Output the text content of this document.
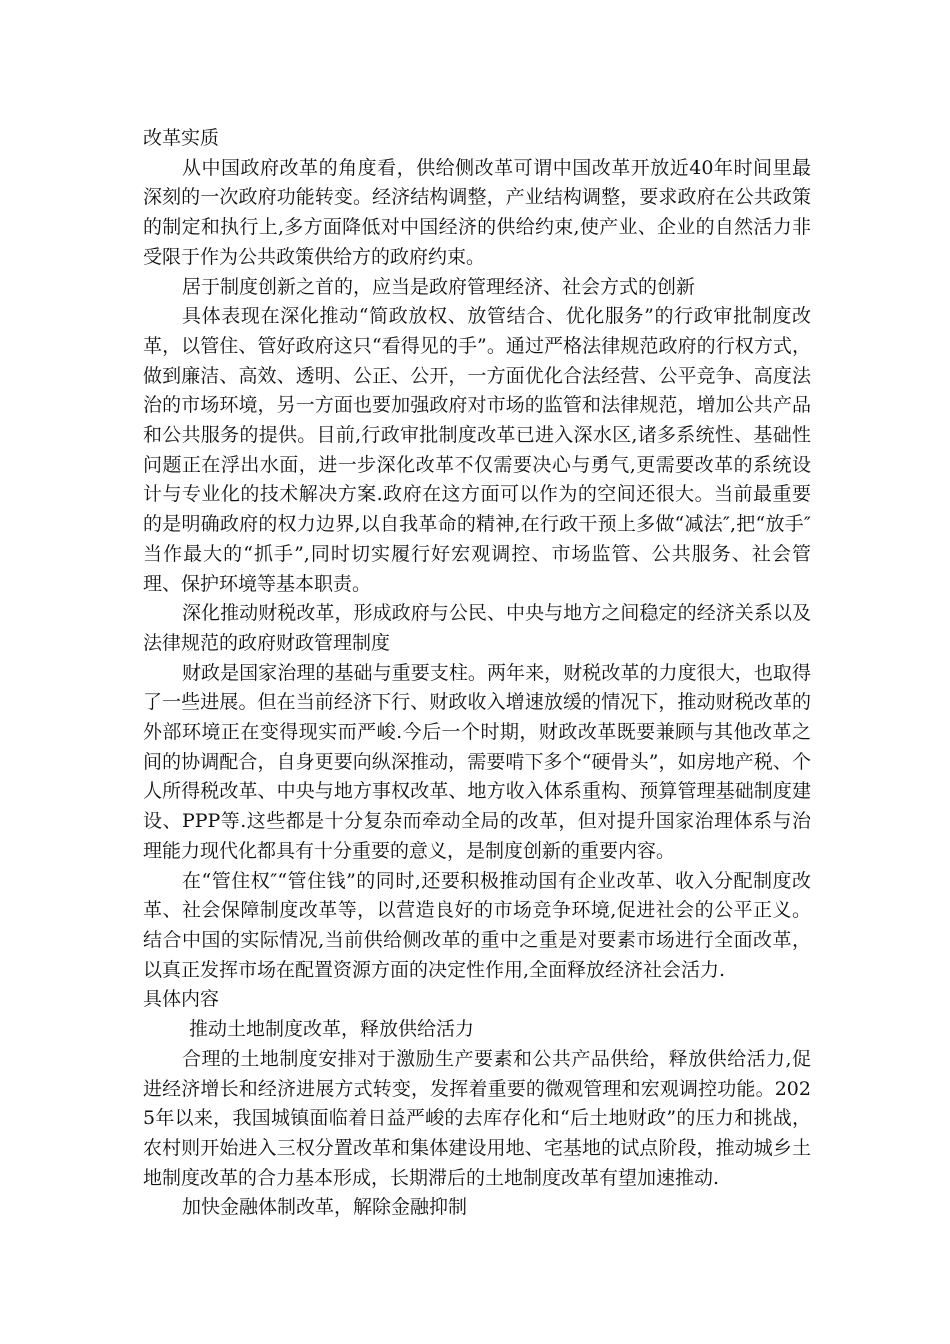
改革实质

从中国政府改革的角度看，供给侧改革可谓中国改革开放近40年时间里最深刻的一次政府功能转变。经济结构调整，产业结构调整，要求政府在公共政策的制定和执行上,多方面降低对中国经济的供给约束,使产业、企业的自然活力非受限于作为公共政策供给方的政府约束。

居于制度创新之首的，应当是政府管理经济、社会方式的创新

具体表现在深化推动“简政放权、放管结合、优化服务”的行政审批制度改革，以管住、管好政府这只“看得见的手”。通过严格法律规范政府的行权方式，做到廉洁、高效、透明、公正、公开，一方面优化合法经营、公平竞争、高度法治的市场环境，另一方面也要加强政府对市场的监管和法律规范，增加公共产品和公共服务的提供。目前,行政审批制度改革已进入深水区,诸多系统性、基础性问题正在浮出水面，进一步深化改革不仅需要决心与勇气,更需要改革的系统设计与专业化的技术解决方案.政府在这方面可以作为的空间还很大。当前最重要的是明确政府的权力边界,以自我革命的精神,在行政干预上多做“减法″,把“放手″当作最大的“抓手”,同时切实履行好宏观调控、市场监管、公共服务、社会管理、保护环境等基本职责。

深化推动财税改革，形成政府与公民、中央与地方之间稳定的经济关系以及法律规范的政府财政管理制度

财政是国家治理的基础与重要支柱。两年来，财税改革的力度很大，也取得了一些进展。但在当前经济下行、财政收入增速放缓的情况下，推动财税改革的外部环境正在变得现实而严峻.今后一个时期，财政改革既要兼顾与其他改革之间的协调配合，自身更要向纵深推动，需要啃下多个“硬骨头”，如房地产税、个人所得税改革、中央与地方事权改革、地方收入体系重构、预算管理基础制度建设、PPP等.这些都是十分复杂而牵动全局的改革，但对提升国家治理体系与治理能力现代化都具有十分重要的意义，是制度创新的重要内容。

在“管住权″“管住钱”的同时,还要积极推动国有企业改革、收入分配制度改革、社会保障制度改革等，以营造良好的市场竞争环境,促进社会的公平正义。结合中国的实际情况,当前供给侧改革的重中之重是对要素市场进行全面改革，以真正发挥市场在配置资源方面的决定性作用,全面释放经济社会活力.

具体内容

推动土地制度改革，释放供给活力

合理的土地制度安排对于激励生产要素和公共产品供给，释放供给活力,促进经济增长和经济进展方式转变，发挥着重要的微观管理和宏观调控功能。2025年以来，我国城镇面临着日益严峻的去库存化和“后土地财政”的压力和挑战，农村则开始进入三权分置改革和集体建设用地、宅基地的试点阶段，推动城乡土地制度改革的合力基本形成，长期滞后的土地制度改革有望加速推动.

加快金融体制改革，解除金融抑制
